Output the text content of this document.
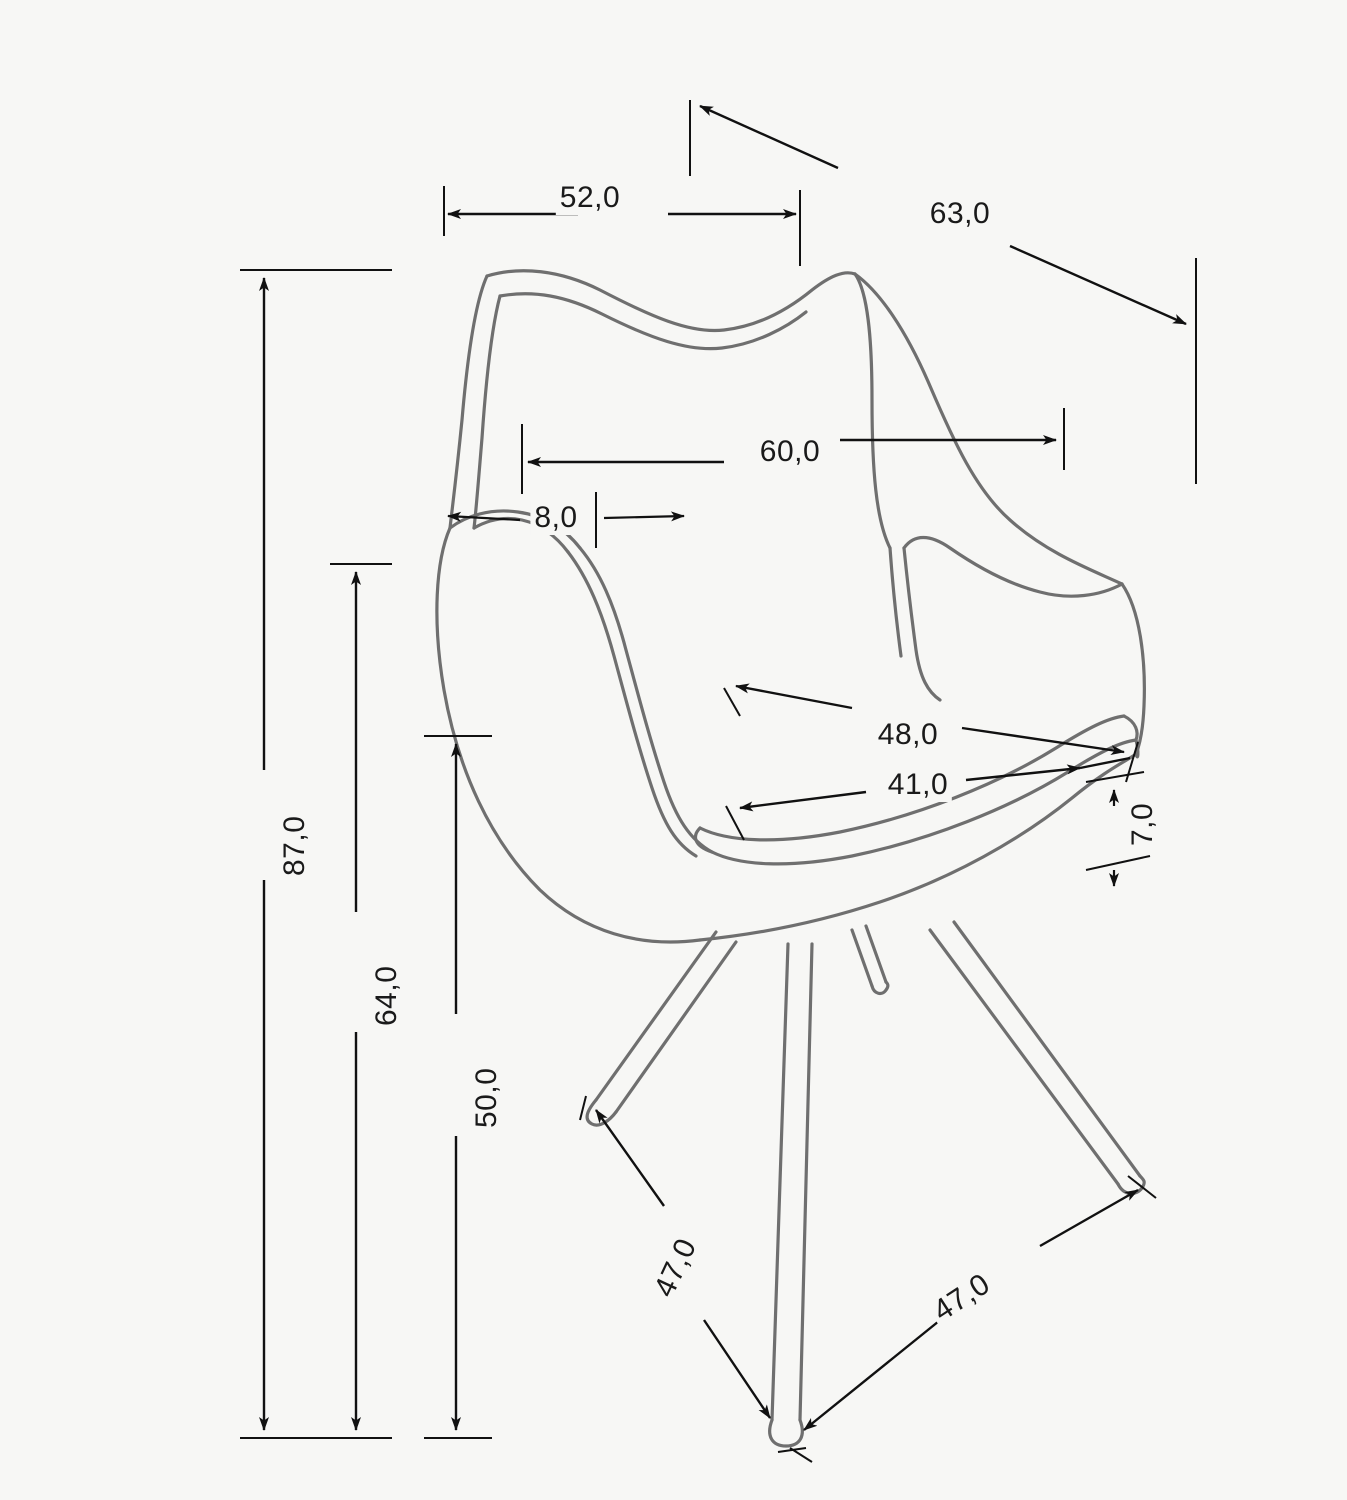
52,0	63,0
60,0
8,0
48,0
41,0
7,0
87,0
64,0
50,0
47,0	47,0
